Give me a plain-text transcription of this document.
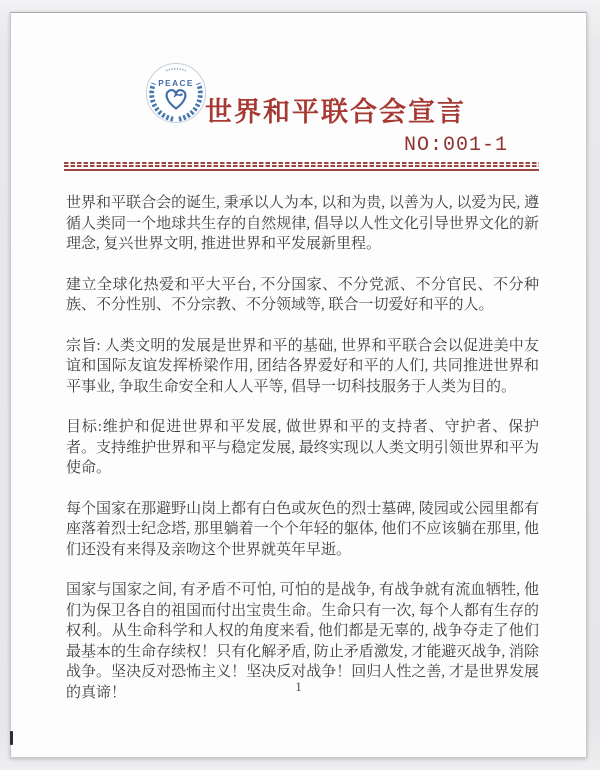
PEACE
世界和平联合会宣言
NO:001-1

世界和平联合会的诞生, 秉承以人为本, 以和为贵, 以善为人, 以爱为民, 遵循人类同一个地球共生存的自然规律, 倡导以人性文化引导世界文化的新理念, 复兴世界文明, 推进世界和平发展新里程。

建立全球化热爱和平大平台, 不分国家、不分党派、不分官民、不分种族、不分性别、不分宗教、不分领域等, 联合一切爱好和平的人。

宗旨: 人类文明的发展是世界和平的基础, 世界和平联合会以促进美中友谊和国际友谊发挥桥梁作用, 团结各界爱好和平的人们, 共同推进世界和平事业, 争取生命安全和人人平等, 倡导一切科技服务于人类为目的。

目标:维护和促进世界和平发展, 做世界和平的支持者、守护者、保护者。支持维护世界和平与稳定发展, 最终实现以人类文明引领世界和平为使命。

每个国家在那避野山岗上都有白色或灰色的烈士墓碑, 陵园或公园里都有座落着烈士纪念塔, 那里躺着一个个年轻的躯体, 他们不应该躺在那里, 他们还没有来得及亲吻这个世界就英年早逝。

国家与国家之间, 有矛盾不可怕, 可怕的是战争, 有战争就有流血牺牲, 他们为保卫各自的祖国而付出宝贵生命。生命只有一次, 每个人都有生存的权利。从生命科学和人权的角度来看, 他们都是无辜的, 战争夺走了他们最基本的生命存续权！只有化解矛盾, 防止矛盾激发, 才能避灭战争, 消除战争。坚决反对恐怖主义！坚决反对战争！回归人性之善, 才是世界发展的真谛！	1
